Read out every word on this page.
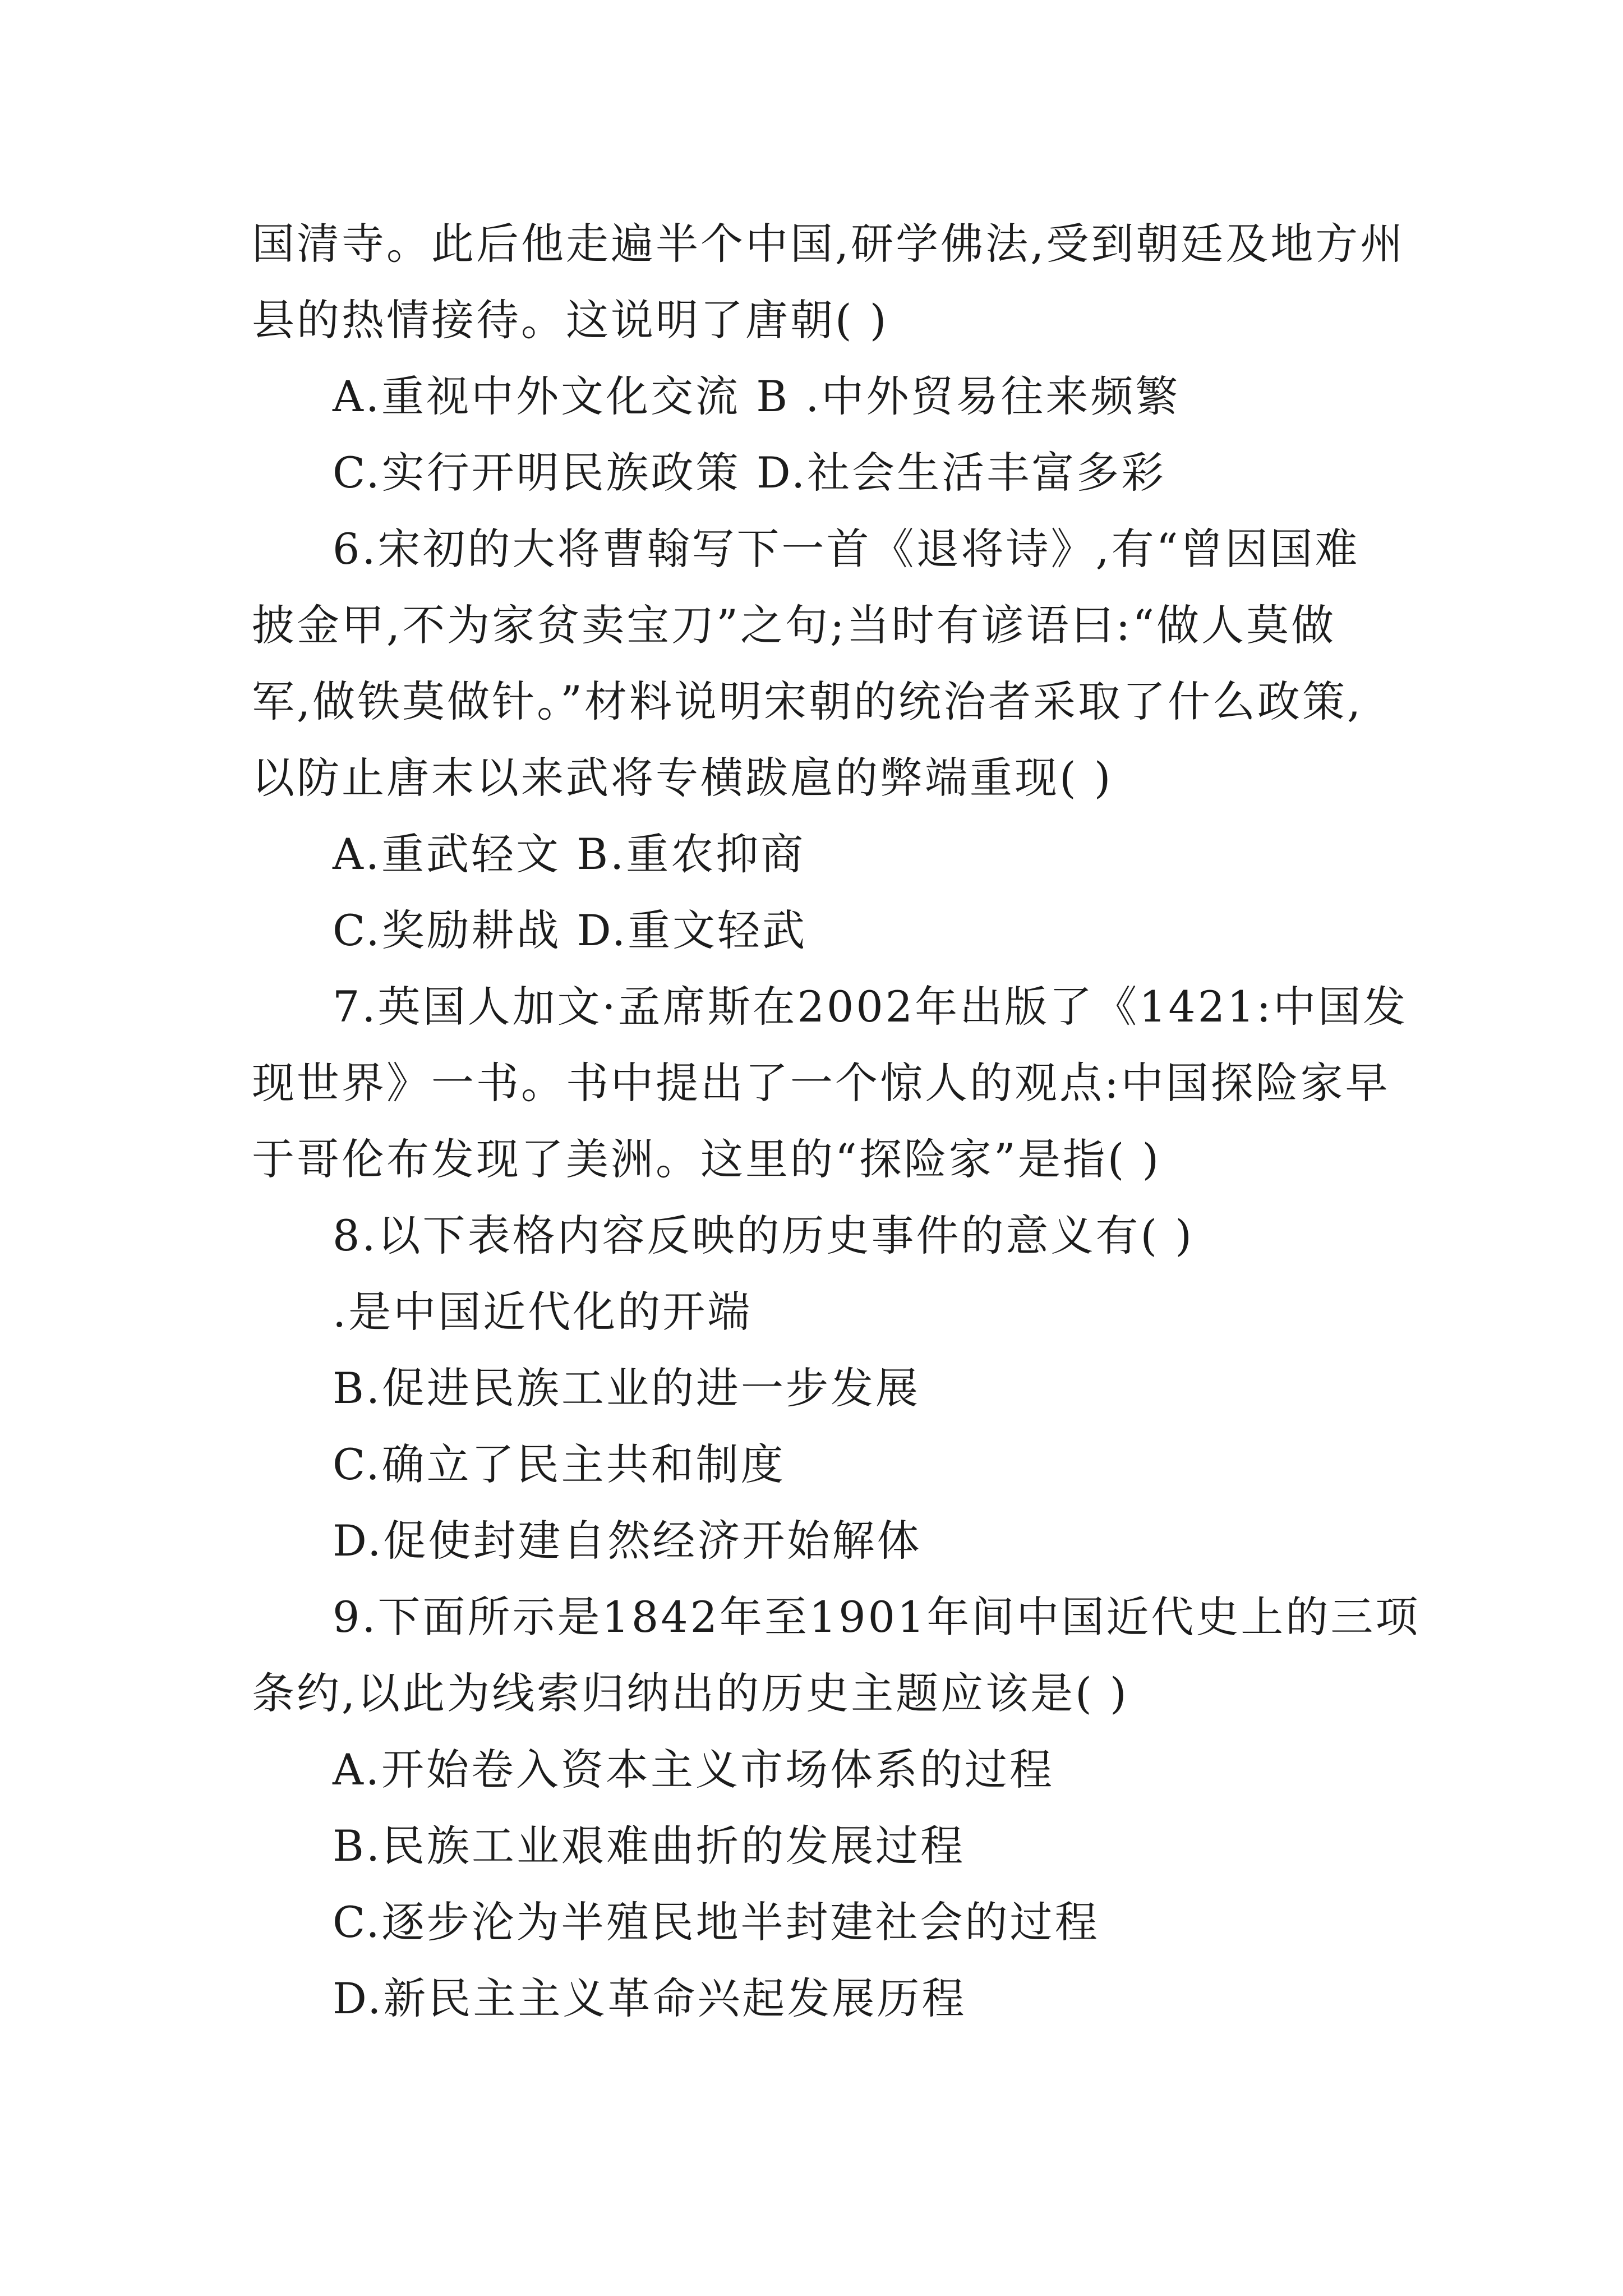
国清寺。此后他走遍半个中国,研学佛法,受到朝廷及地方州

县的热情接待。这说明了唐朝( )

A.重视中外文化交流 B .中外贸易往来频繁

C.实行开明民族政策 D.社会生活丰富多彩

6.宋初的大将曹翰写下一首《退将诗》,有“曾因国难

披金甲,不为家贫卖宝刀”之句;当时有谚语曰:“做人莫做

军,做铁莫做针。”材料说明宋朝的统治者采取了什么政策,

以防止唐末以来武将专横跋扈的弊端重现( )

A.重武轻文 B.重农抑商

C.奖励耕战 D.重文轻武

7.英国人加文·孟席斯在2002年出版了《1421:中国发

现世界》一书。书中提出了一个惊人的观点:中国探险家早

于哥伦布发现了美洲。这里的“探险家”是指( )

8.以下表格内容反映的历史事件的意义有( )

.是中国近代化的开端

B.促进民族工业的进一步发展

C.确立了民主共和制度

D.促使封建自然经济开始解体

9.下面所示是1842年至1901年间中国近代史上的三项

条约,以此为线索归纳出的历史主题应该是( )

A.开始卷入资本主义市场体系的过程

B.民族工业艰难曲折的发展过程

C.逐步沦为半殖民地半封建社会的过程

D.新民主主义革命兴起发展历程
